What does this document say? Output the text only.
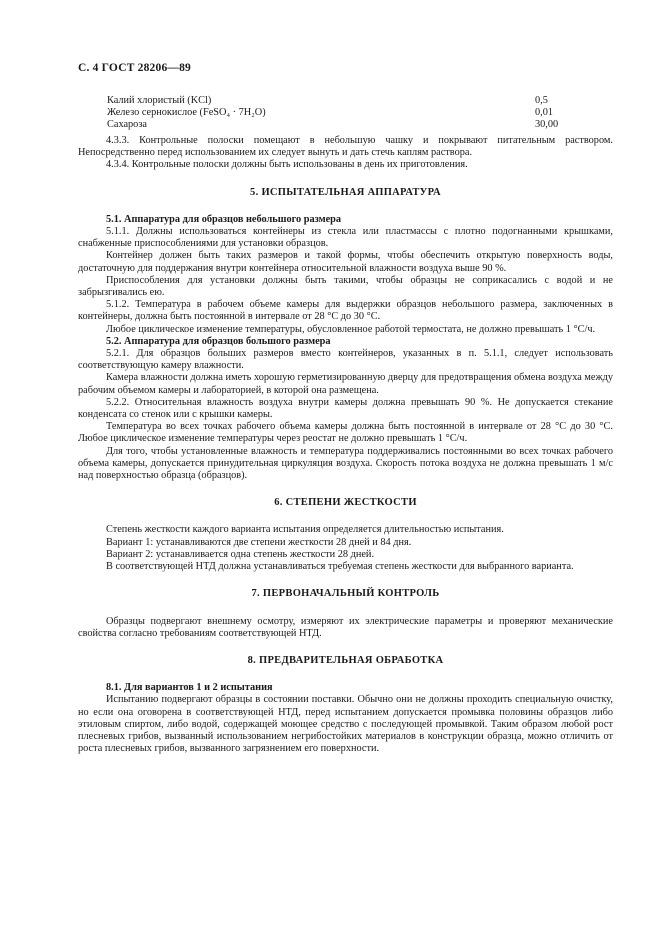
С. 4 ГОСТ 28206—89
Калий хлористый (KCl)	0,5
Железо сернокислое (FeSO₄ · 7H₂O)	0,01
Сахароза	30,00

4.3.3. Контрольные полоски помещают в небольшую чашку и покрывают питательным раствором. Непосредственно перед использованием их следует вынуть и дать стечь каплям раствора.

4.3.4. Контрольные полоски должны быть использованы в день их приготовления.

5. ИСПЫТАТЕЛЬНАЯ АППАРАТУРА

5.1. Аппаратура для образцов небольшого размера

5.1.1. Должны использоваться контейнеры из стекла или пластмассы с плотно подогнанными крышками, снабженные приспособлениями для установки образцов.

Контейнер должен быть таких размеров и такой формы, чтобы обеспечить открытую поверхность воды, достаточную для поддержания внутри контейнера относительной влажности воздуха выше 90 %.

Приспособления для установки должны быть такими, чтобы образцы не соприкасались с водой и не забрызгивались ею.

5.1.2. Температура в рабочем объеме камеры для выдержки образцов небольшого размера, заключенных в контейнеры, должна быть постоянной в интервале от 28 °С до 30 °С.

Любое циклическое изменение температуры, обусловленное работой термостата, не должно превышать 1 °С/ч.

5.2. Аппаратура для образцов большого размера

5.2.1. Для образцов больших размеров вместо контейнеров, указанных в п. 5.1.1, следует использовать соответствующую камеру влажности.

Камера влажности должна иметь хорошую герметизированную дверцу для предотвращения обмена воздуха между рабочим объемом камеры и лабораторией, в которой она размещена.

5.2.2. Относительная влажность воздуха внутри камеры должна превышать 90 %. Не допускается стекание конденсата со стенок или с крышки камеры.

Температура во всех точках рабочего объема камеры должна быть постоянной в интервале от 28 °С до 30 °С. Любое циклическое изменение температуры через реостат не должно превышать 1 °С/ч.

Для того, чтобы установленные влажность и температура поддерживались постоянными во всех точках рабочего объема камеры, допускается принудительная циркуляция воздуха. Скорость потока воздуха не должна превышать 1 м/с над поверхностью образца (образцов).

6. СТЕПЕНИ ЖЕСТКОСТИ

Степень жесткости каждого варианта испытания определяется длительностью испытания.

Вариант 1: устанавливаются две степени жесткости 28 дней и 84 дня.

Вариант 2: устанавливается одна степень жесткости 28 дней.

В соответствующей НТД должна устанавливаться требуемая степень жесткости для выбранного варианта.

7. ПЕРВОНАЧАЛЬНЫЙ КОНТРОЛЬ

Образцы подвергают внешнему осмотру, измеряют их электрические параметры и проверяют механические свойства согласно требованиям соответствующей НТД.

8. ПРЕДВАРИТЕЛЬНАЯ ОБРАБОТКА

8.1. Для вариантов 1 и 2 испытания

Испытанию подвергают образцы в состоянии поставки. Обычно они не должны проходить специальную очистку, но если она оговорена в соответствующей НТД, перед испытанием допускается промывка половины образцов либо этиловым спиртом, либо водой, содержащей моющее средство с последующей промывкой. Таким образом любой рост плесневых грибов, вызванный использованием негрибостойких материалов в конструкции образца, можно отличить от роста плесневых грибов, вызванного загрязнением его поверхности.
